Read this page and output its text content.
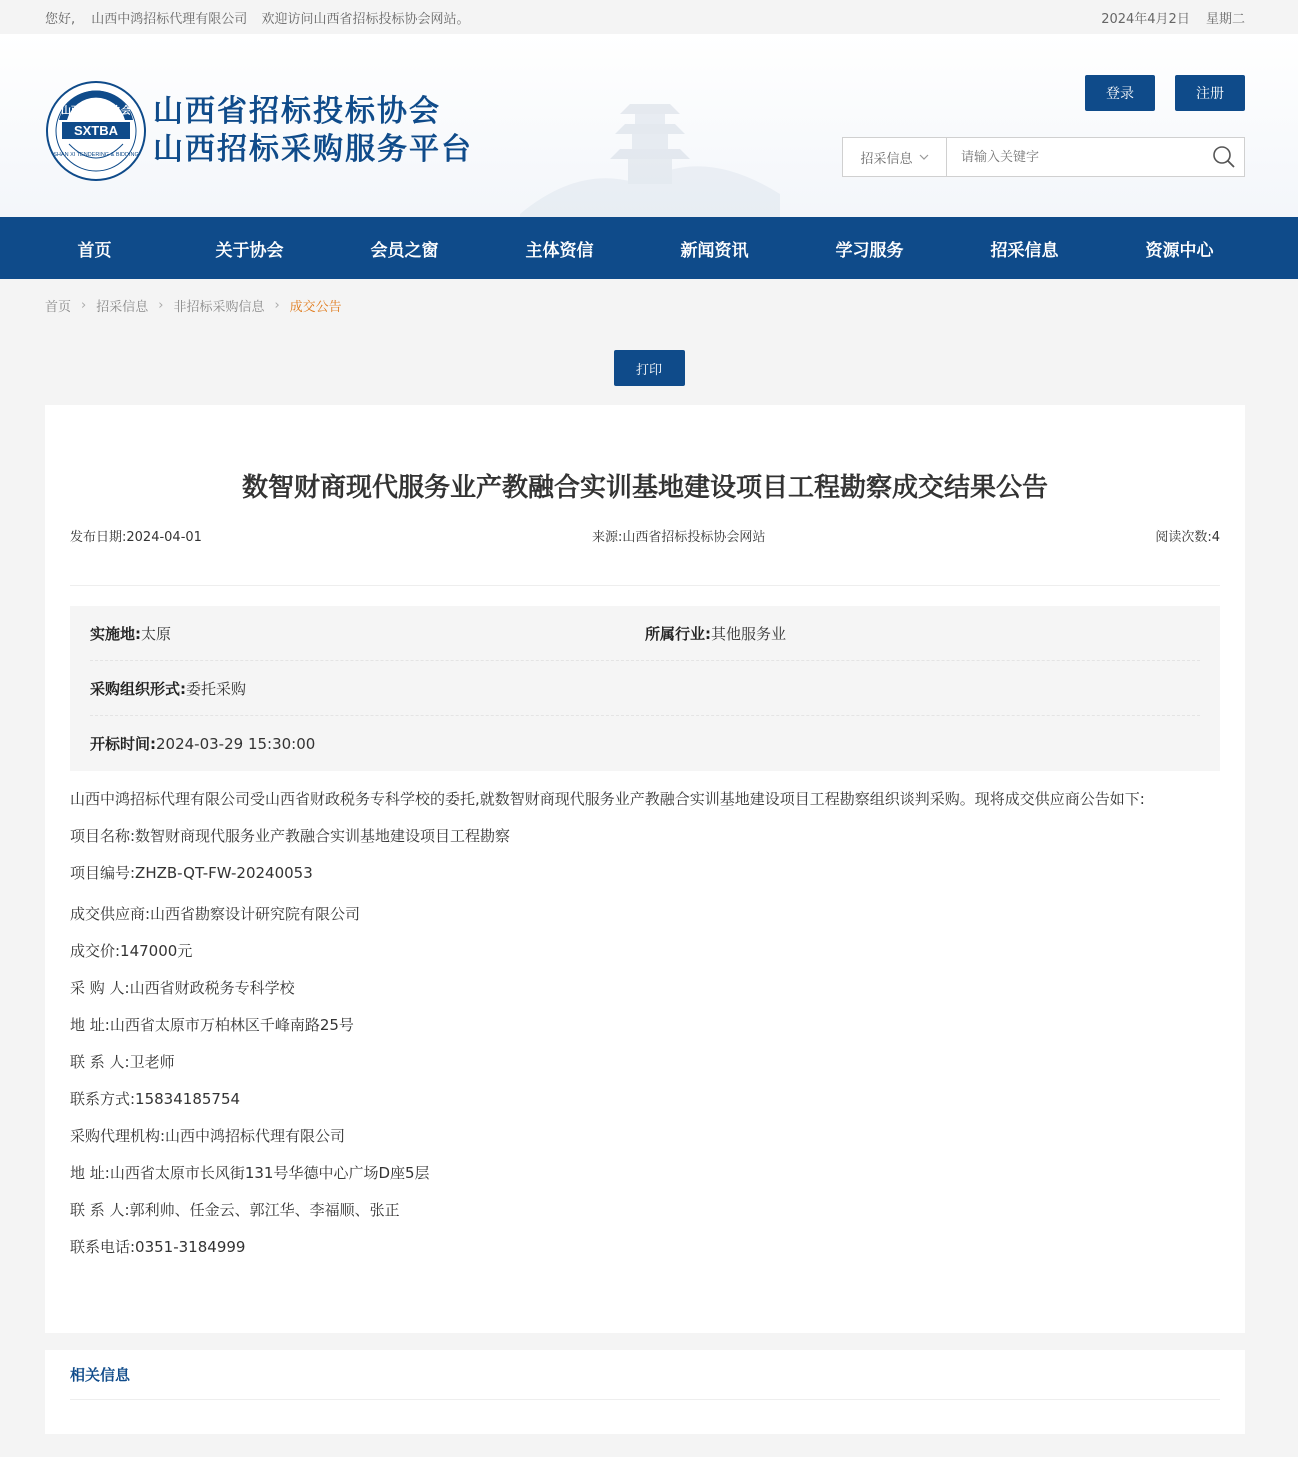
您好, 山西中鸿招标代理有限公司 欢迎访问山西省招标投标协会网站。	2024年4月2日 星期二
SXTBA
山西省招标协会
SHAN XI TENDERING & BIDDING
山西省招标投标协会
山西招标采购服务平台
登录	注册
招采信息
请输入关键字
首页	关于协会	会员之窗	主体资信	新闻资讯	学习服务	招采信息	资源中心
首页 › 招采信息 › 非招标采购信息 › 成交公告
打印
数智财商现代服务业产教融合实训基地建设项目工程勘察成交结果公告
发布日期:2024-04-01	来源:山西省招标投标协会网站	阅读次数:4
实施地:太原	所属行业:其他服务业
采购组织形式:委托采购
开标时间:2024-03-29 15:30:00

山西中鸿招标代理有限公司受山西省财政税务专科学校的委托,就数智财商现代服务业产教融合实训基地建设项目工程勘察组织谈判采购。现将成交供应商公告如下:

项目名称:数智财商现代服务业产教融合实训基地建设项目工程勘察

项目编号:ZHZB-QT-FW-20240053

成交供应商:山西省勘察设计研究院有限公司

成交价:147000元

采 购 人:山西省财政税务专科学校

地 址:山西省太原市万柏林区千峰南路25号

联 系 人:卫老师

联系方式:15834185754

采购代理机构:山西中鸿招标代理有限公司

地 址:山西省太原市长风街131号华德中心广场D座5层

联 系 人:郭利帅、任金云、郭江华、李福顺、张正

联系电话:0351-3184999

相关信息
